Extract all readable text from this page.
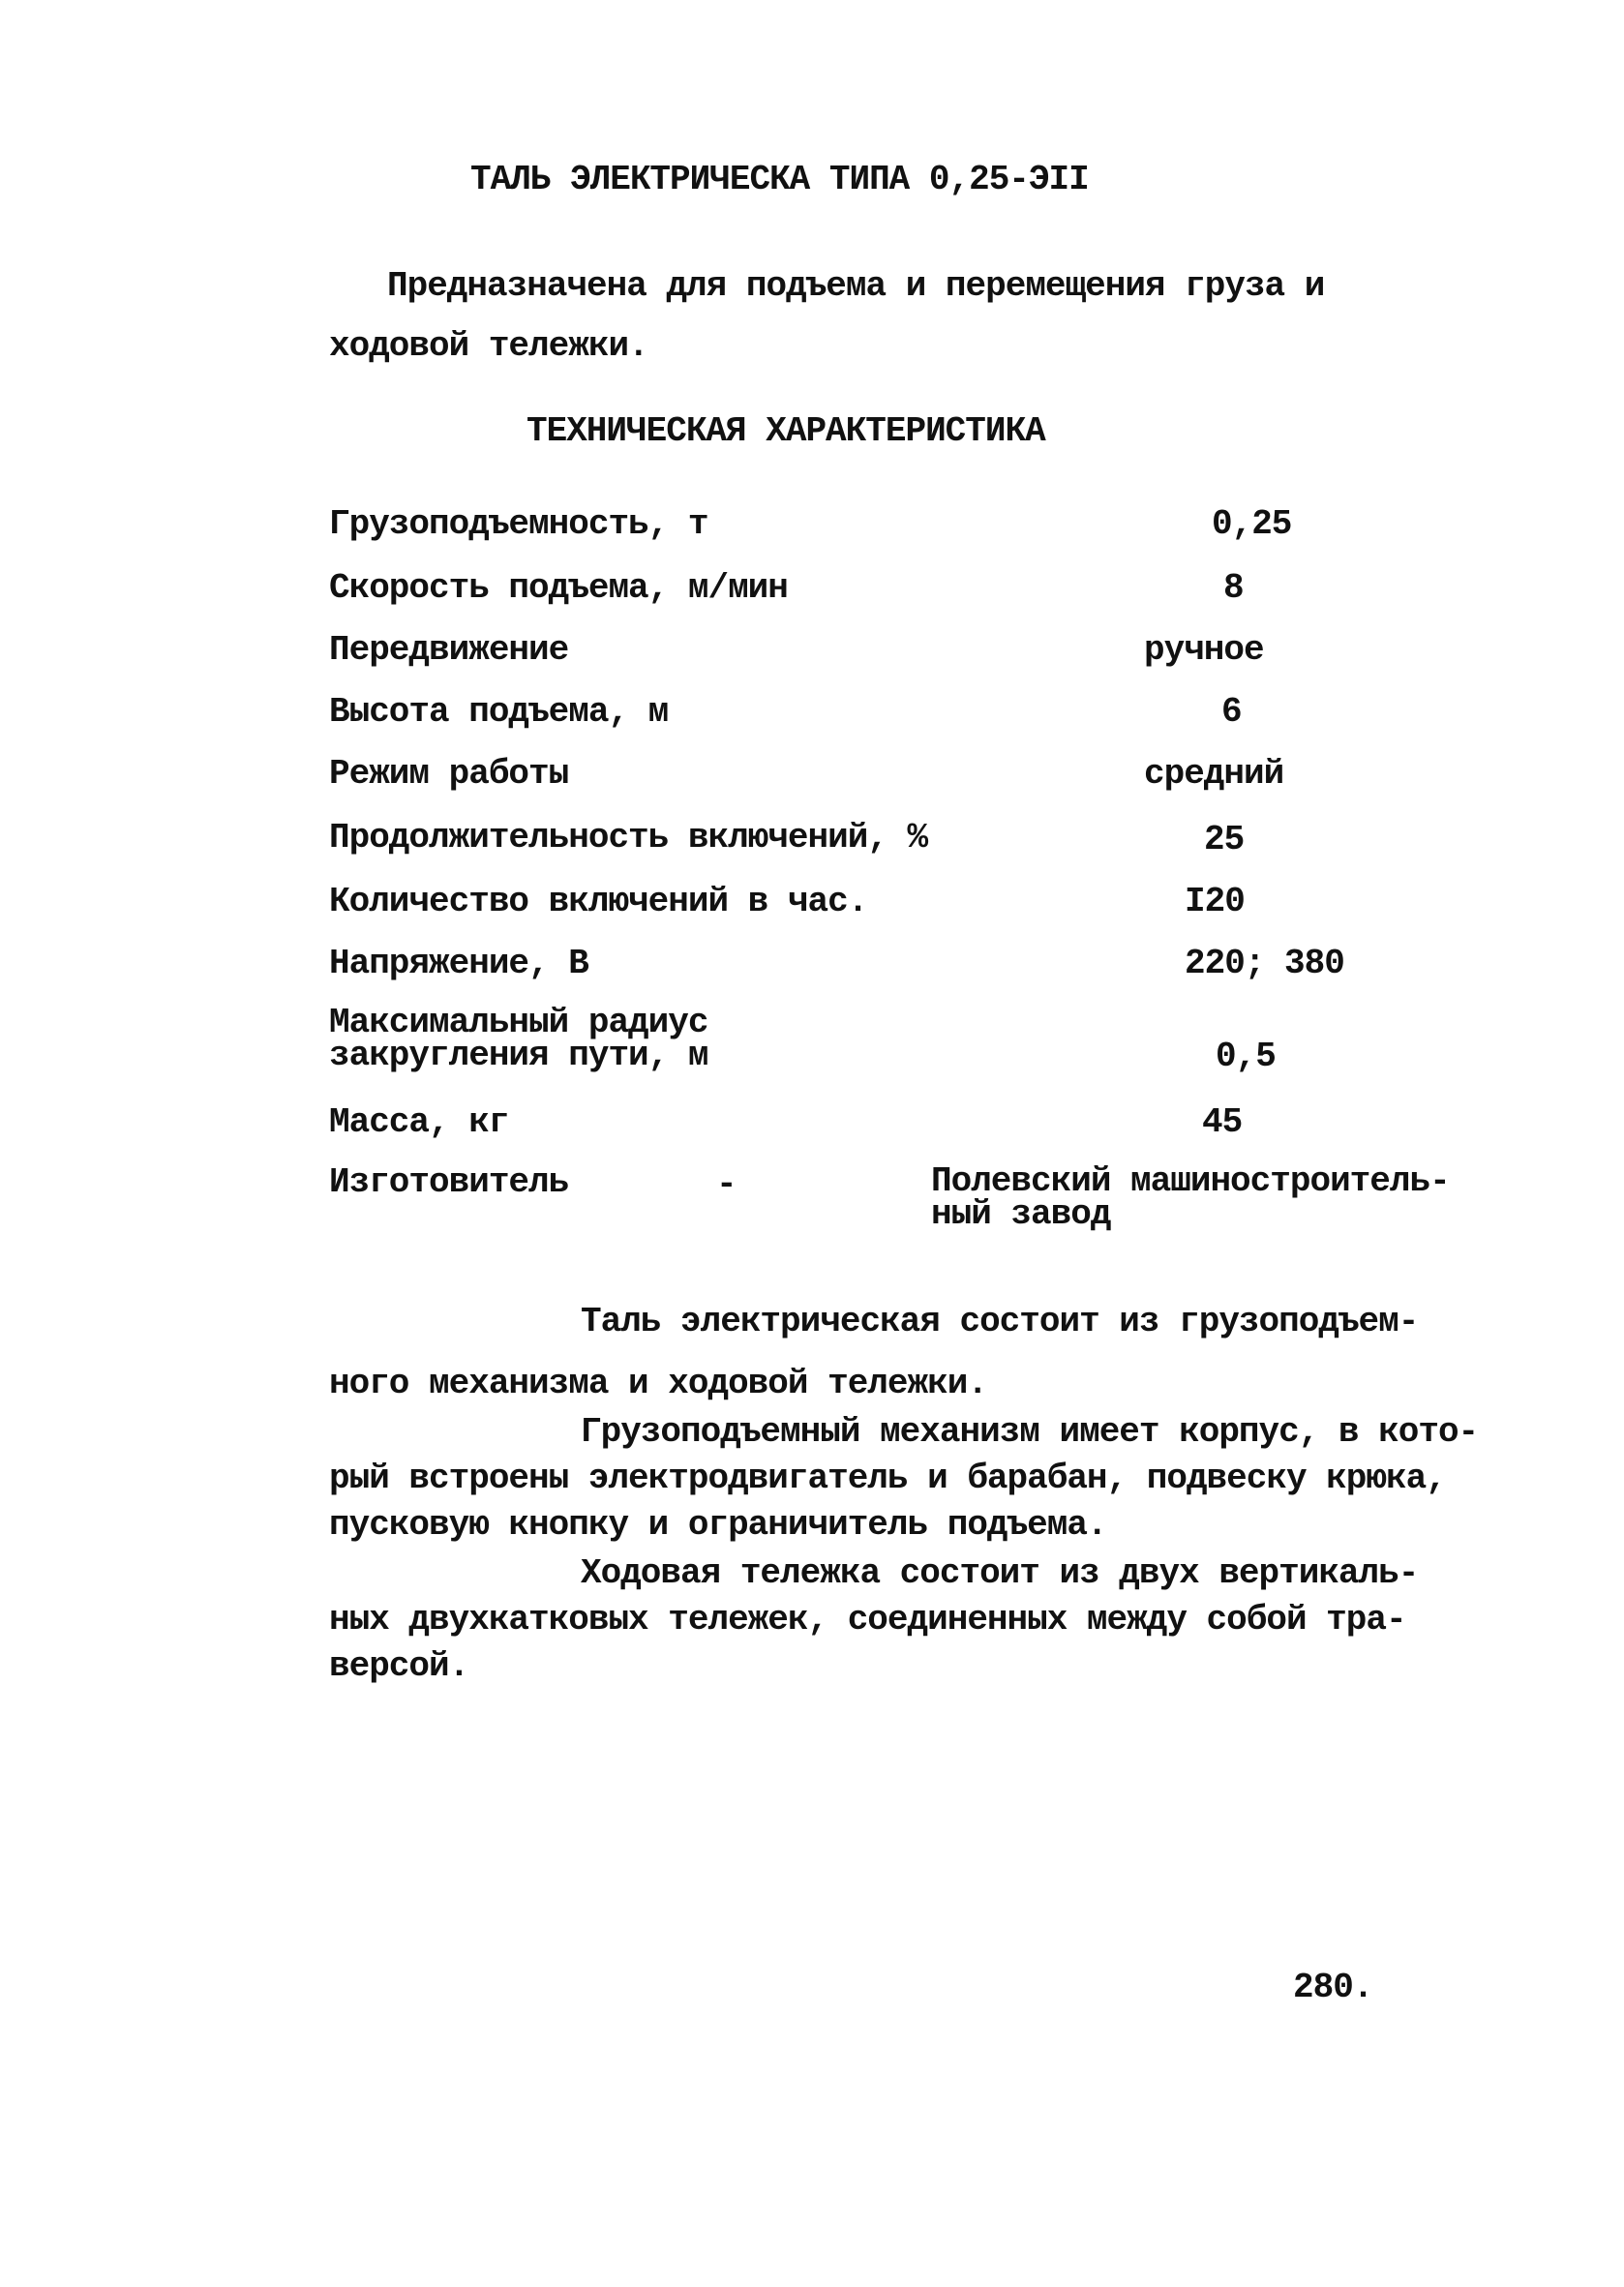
ТАЛЬ ЭЛЕКТРИЧЕСКА ТИПА 0,25-ЭII
Предназначена для подъема и перемещения груза и
ходовой тележки.
ТЕХНИЧЕСКАЯ ХАРАКТЕРИСТИКА
Грузоподъемность, т	0,25
Скорость подъема, м/мин	8
Передвижение	ручное
Высота подъема, м	6
Режим работы	средний
Продолжительность включений, %	25
Количество включений в час.	I20
Напряжение, В	220; 380
Максимальный радиус
закругления пути, м	0,5
Масса, кг	45
Изготовитель	-	Полевский машиностроитель-
ный завод
Таль электрическая состоит из грузоподъем-
ного механизма и ходовой тележки.
Грузоподъемный механизм имеет корпус, в кото-
рый встроены электродвигатель и барабан, подвеску крюка,
пусковую кнопку и ограничитель подъема.
Ходовая тележка состоит из двух вертикаль-
ных двухкатковых тележек, соединенных между собой тра-
версой.
280.
